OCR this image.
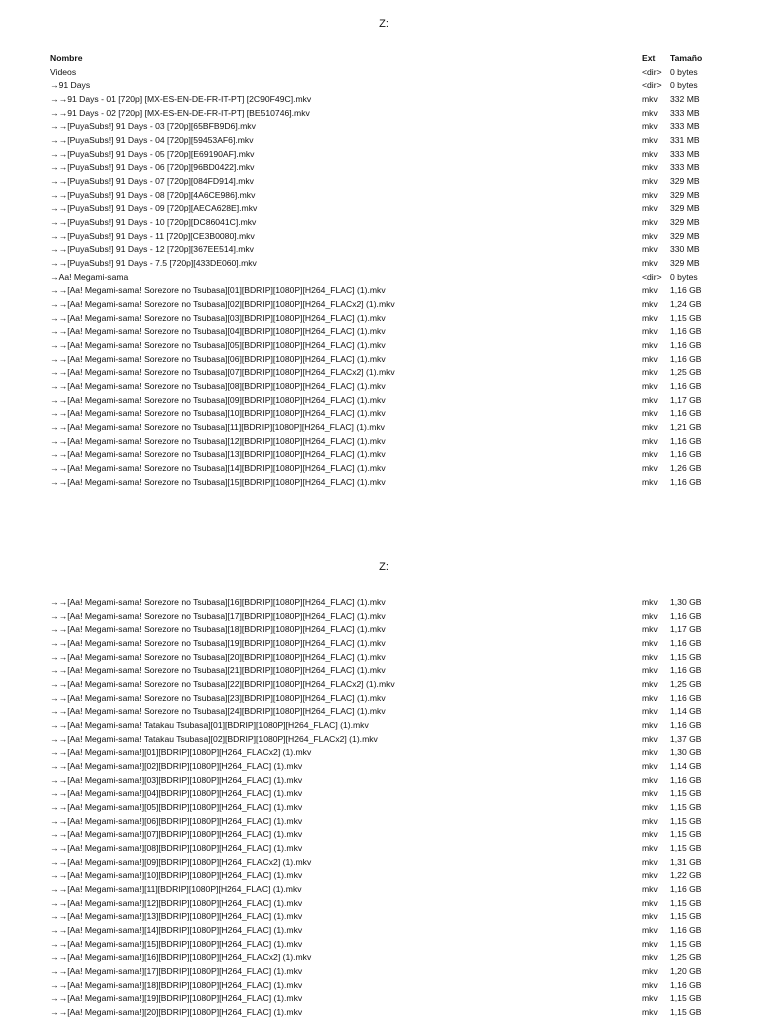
Z:
Nombre	Ext Tamaño
Videos	<dir> 0 bytes
→91 Days	<dir> 0 bytes
→→91 Days - 01 [720p] [MX-ES-EN-DE-FR-IT-PT] [2C90F49C].mkv	mkv 332 MB
→→91 Days - 02 [720p] [MX-ES-EN-DE-FR-IT-PT] [BE510746].mkv	mkv 333 MB
→→[PuyaSubs!] 91 Days - 03 [720p][65BFB9D6].mkv	mkv 333 MB
→→[PuyaSubs!] 91 Days - 04 [720p][59453AF6].mkv	mkv 331 MB
→→[PuyaSubs!] 91 Days - 05 [720p][E69190AF].mkv	mkv 333 MB
→→[PuyaSubs!] 91 Days - 06 [720p][96BD0422].mkv	mkv 333 MB
→→[PuyaSubs!] 91 Days - 07 [720p][084FD914].mkv	mkv 329 MB
→→[PuyaSubs!] 91 Days - 08 [720p][4A6CE986].mkv	mkv 329 MB
→→[PuyaSubs!] 91 Days - 09 [720p][AECA628E].mkv	mkv 329 MB
→→[PuyaSubs!] 91 Days - 10 [720p][DC86041C].mkv	mkv 329 MB
→→[PuyaSubs!] 91 Days - 11 [720p][CE3B0080].mkv	mkv 329 MB
→→[PuyaSubs!] 91 Days - 12 [720p][367EE514].mkv	mkv 330 MB
→→[PuyaSubs!] 91 Days - 7.5 [720p][433DE060].mkv	mkv 329 MB
→Aa! Megami-sama	<dir> 0 bytes
→→[Aa! Megami-sama! Sorezore no Tsubasa][01][BDRIP][1080P][H264_FLAC] (1).mkv	mkv 1,16 GB
→→[Aa! Megami-sama! Sorezore no Tsubasa][02][BDRIP][1080P][H264_FLACx2] (1).mkv	mkv 1,24 GB
→→[Aa! Megami-sama! Sorezore no Tsubasa][03][BDRIP][1080P][H264_FLAC] (1).mkv	mkv 1,15 GB
→→[Aa! Megami-sama! Sorezore no Tsubasa][04][BDRIP][1080P][H264_FLAC] (1).mkv	mkv 1,16 GB
→→[Aa! Megami-sama! Sorezore no Tsubasa][05][BDRIP][1080P][H264_FLAC] (1).mkv	mkv 1,16 GB
→→[Aa! Megami-sama! Sorezore no Tsubasa][06][BDRIP][1080P][H264_FLAC] (1).mkv	mkv 1,16 GB
→→[Aa! Megami-sama! Sorezore no Tsubasa][07][BDRIP][1080P][H264_FLACx2] (1).mkv	mkv 1,25 GB
→→[Aa! Megami-sama! Sorezore no Tsubasa][08][BDRIP][1080P][H264_FLAC] (1).mkv	mkv 1,16 GB
→→[Aa! Megami-sama! Sorezore no Tsubasa][09][BDRIP][1080P][H264_FLAC] (1).mkv	mkv 1,17 GB
→→[Aa! Megami-sama! Sorezore no Tsubasa][10][BDRIP][1080P][H264_FLAC] (1).mkv	mkv 1,16 GB
→→[Aa! Megami-sama! Sorezore no Tsubasa][11][BDRIP][1080P][H264_FLAC] (1).mkv	mkv 1,21 GB
→→[Aa! Megami-sama! Sorezore no Tsubasa][12][BDRIP][1080P][H264_FLAC] (1).mkv	mkv 1,16 GB
→→[Aa! Megami-sama! Sorezore no Tsubasa][13][BDRIP][1080P][H264_FLAC] (1).mkv	mkv 1,16 GB
→→[Aa! Megami-sama! Sorezore no Tsubasa][14][BDRIP][1080P][H264_FLAC] (1).mkv	mkv 1,26 GB
→→[Aa! Megami-sama! Sorezore no Tsubasa][15][BDRIP][1080P][H264_FLAC] (1).mkv	mkv 1,16 GB
Z:
→→[Aa! Megami-sama! Sorezore no Tsubasa][16][BDRIP][1080P][H264_FLAC] (1).mkv	mkv 1,30 GB
→→[Aa! Megami-sama! Sorezore no Tsubasa][17][BDRIP][1080P][H264_FLAC] (1).mkv	mkv 1,16 GB
→→[Aa! Megami-sama! Sorezore no Tsubasa][18][BDRIP][1080P][H264_FLAC] (1).mkv	mkv 1,17 GB
→→[Aa! Megami-sama! Sorezore no Tsubasa][19][BDRIP][1080P][H264_FLAC] (1).mkv	mkv 1,16 GB
→→[Aa! Megami-sama! Sorezore no Tsubasa][20][BDRIP][1080P][H264_FLAC] (1).mkv	mkv 1,15 GB
→→[Aa! Megami-sama! Sorezore no Tsubasa][21][BDRIP][1080P][H264_FLAC] (1).mkv	mkv 1,16 GB
→→[Aa! Megami-sama! Sorezore no Tsubasa][22][BDRIP][1080P][H264_FLACx2] (1).mkv	mkv 1,25 GB
→→[Aa! Megami-sama! Sorezore no Tsubasa][23][BDRIP][1080P][H264_FLAC] (1).mkv	mkv 1,16 GB
→→[Aa! Megami-sama! Sorezore no Tsubasa][24][BDRIP][1080P][H264_FLAC] (1).mkv	mkv 1,14 GB
→→[Aa! Megami-sama! Tatakau Tsubasa][01][BDRIP][1080P][H264_FLAC] (1).mkv	mkv 1,16 GB
→→[Aa! Megami-sama! Tatakau Tsubasa][02][BDRIP][1080P][H264_FLACx2] (1).mkv	mkv 1,37 GB
→→[Aa! Megami-sama!][01][BDRIP][1080P][H264_FLACx2] (1).mkv	mkv 1,30 GB
→→[Aa! Megami-sama!][02][BDRIP][1080P][H264_FLAC] (1).mkv	mkv 1,14 GB
→→[Aa! Megami-sama!][03][BDRIP][1080P][H264_FLAC] (1).mkv	mkv 1,16 GB
→→[Aa! Megami-sama!][04][BDRIP][1080P][H264_FLAC] (1).mkv	mkv 1,15 GB
→→[Aa! Megami-sama!][05][BDRIP][1080P][H264_FLAC] (1).mkv	mkv 1,15 GB
→→[Aa! Megami-sama!][06][BDRIP][1080P][H264_FLAC] (1).mkv	mkv 1,15 GB
→→[Aa! Megami-sama!][07][BDRIP][1080P][H264_FLAC] (1).mkv	mkv 1,15 GB
→→[Aa! Megami-sama!][08][BDRIP][1080P][H264_FLAC] (1).mkv	mkv 1,15 GB
→→[Aa! Megami-sama!][09][BDRIP][1080P][H264_FLACx2] (1).mkv	mkv 1,31 GB
→→[Aa! Megami-sama!][10][BDRIP][1080P][H264_FLAC] (1).mkv	mkv 1,22 GB
→→[Aa! Megami-sama!][11][BDRIP][1080P][H264_FLAC] (1).mkv	mkv 1,16 GB
→→[Aa! Megami-sama!][12][BDRIP][1080P][H264_FLAC] (1).mkv	mkv 1,15 GB
→→[Aa! Megami-sama!][13][BDRIP][1080P][H264_FLAC] (1).mkv	mkv 1,15 GB
→→[Aa! Megami-sama!][14][BDRIP][1080P][H264_FLAC] (1).mkv	mkv 1,16 GB
→→[Aa! Megami-sama!][15][BDRIP][1080P][H264_FLAC] (1).mkv	mkv 1,15 GB
→→[Aa! Megami-sama!][16][BDRIP][1080P][H264_FLACx2] (1).mkv	mkv 1,25 GB
→→[Aa! Megami-sama!][17][BDRIP][1080P][H264_FLAC] (1).mkv	mkv 1,20 GB
→→[Aa! Megami-sama!][18][BDRIP][1080P][H264_FLAC] (1).mkv	mkv 1,16 GB
→→[Aa! Megami-sama!][19][BDRIP][1080P][H264_FLAC] (1).mkv	mkv 1,15 GB
→→[Aa! Megami-sama!][20][BDRIP][1080P][H264_FLAC] (1).mkv	mkv 1,15 GB
